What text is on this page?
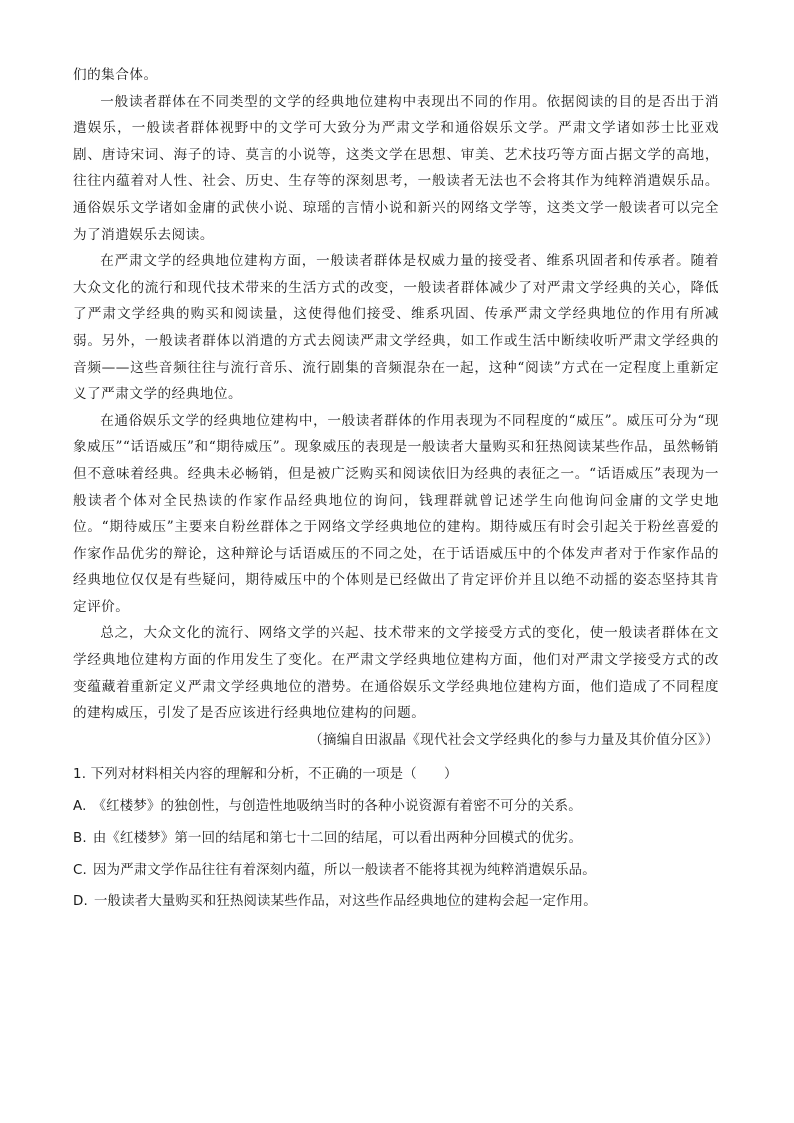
们的集合体。

一般读者群体在不同类型的文学的经典地位建构中表现出不同的作用。依据阅读的目的是否出于消遣娱乐，一般读者群体视野中的文学可大致分为严肃文学和通俗娱乐文学。严肃文学诸如莎士比亚戏剧、唐诗宋词、海子的诗、莫言的小说等，这类文学在思想、审美、艺术技巧等方面占据文学的高地，往往内蕴着对人性、社会、历史、生存等的深刻思考，一般读者无法也不会将其作为纯粹消遣娱乐品。通俗娱乐文学诸如金庸的武侠小说、琼瑶的言情小说和新兴的网络文学等，这类文学一般读者可以完全为了消遣娱乐去阅读。

在严肃文学的经典地位建构方面，一般读者群体是权威力量的接受者、维系巩固者和传承者。随着大众文化的流行和现代技术带来的生活方式的改变，一般读者群体减少了对严肃文学经典的关心，降低了严肃文学经典的购买和阅读量，这使得他们接受、维系巩固、传承严肃文学经典地位的作用有所减弱。另外，一般读者群体以消遣的方式去阅读严肃文学经典，如工作或生活中断续收听严肃文学经典的音频——这些音频往往与流行音乐、流行剧集的音频混杂在一起，这种“阅读”方式在一定程度上重新定义了严肃文学的经典地位。

在通俗娱乐文学的经典地位建构中，一般读者群体的作用表现为不同程度的“威压”。威压可分为“现象威压”“话语威压”和“期待威压”。现象威压的表现是一般读者大量购买和狂热阅读某些作品，虽然畅销但不意味着经典。经典未必畅销，但是被广泛购买和阅读依旧为经典的表征之一。“话语威压”表现为一般读者个体对全民热读的作家作品经典地位的询问，钱理群就曾记述学生向他询问金庸的文学史地位。“期待威压”主要来自粉丝群体之于网络文学经典地位的建构。期待威压有时会引起关于粉丝喜爱的作家作品优劣的辩论，这种辩论与话语威压的不同之处，在于话语威压中的个体发声者对于作家作品的经典地位仅仅是有些疑问，期待威压中的个体则是已经做出了肯定评价并且以绝不动摇的姿态坚持其肯定评价。

总之，大众文化的流行、网络文学的兴起、技术带来的文学接受方式的变化，使一般读者群体在文学经典地位建构方面的作用发生了变化。在严肃文学经典地位建构方面，他们对严肃文学接受方式的改变蕴藏着重新定义严肃文学经典地位的潜势。在通俗娱乐文学经典地位建构方面，他们造成了不同程度的建构威压，引发了是否应该进行经典地位建构的问题。

（摘编自田淑晶《现代社会文学经典化的参与力量及其价值分区》）

1. 下列对材料相关内容的理解和分析，不正确的一项是（　　）

A. 《红楼梦》的独创性，与创造性地吸纳当时的各种小说资源有着密不可分的关系。

B. 由《红楼梦》第一回的结尾和第七十二回的结尾，可以看出两种分回模式的优劣。

C. 因为严肃文学作品往往有着深刻内蕴，所以一般读者不能将其视为纯粹消遣娱乐品。

D. 一般读者大量购买和狂热阅读某些作品，对这些作品经典地位的建构会起一定作用。
